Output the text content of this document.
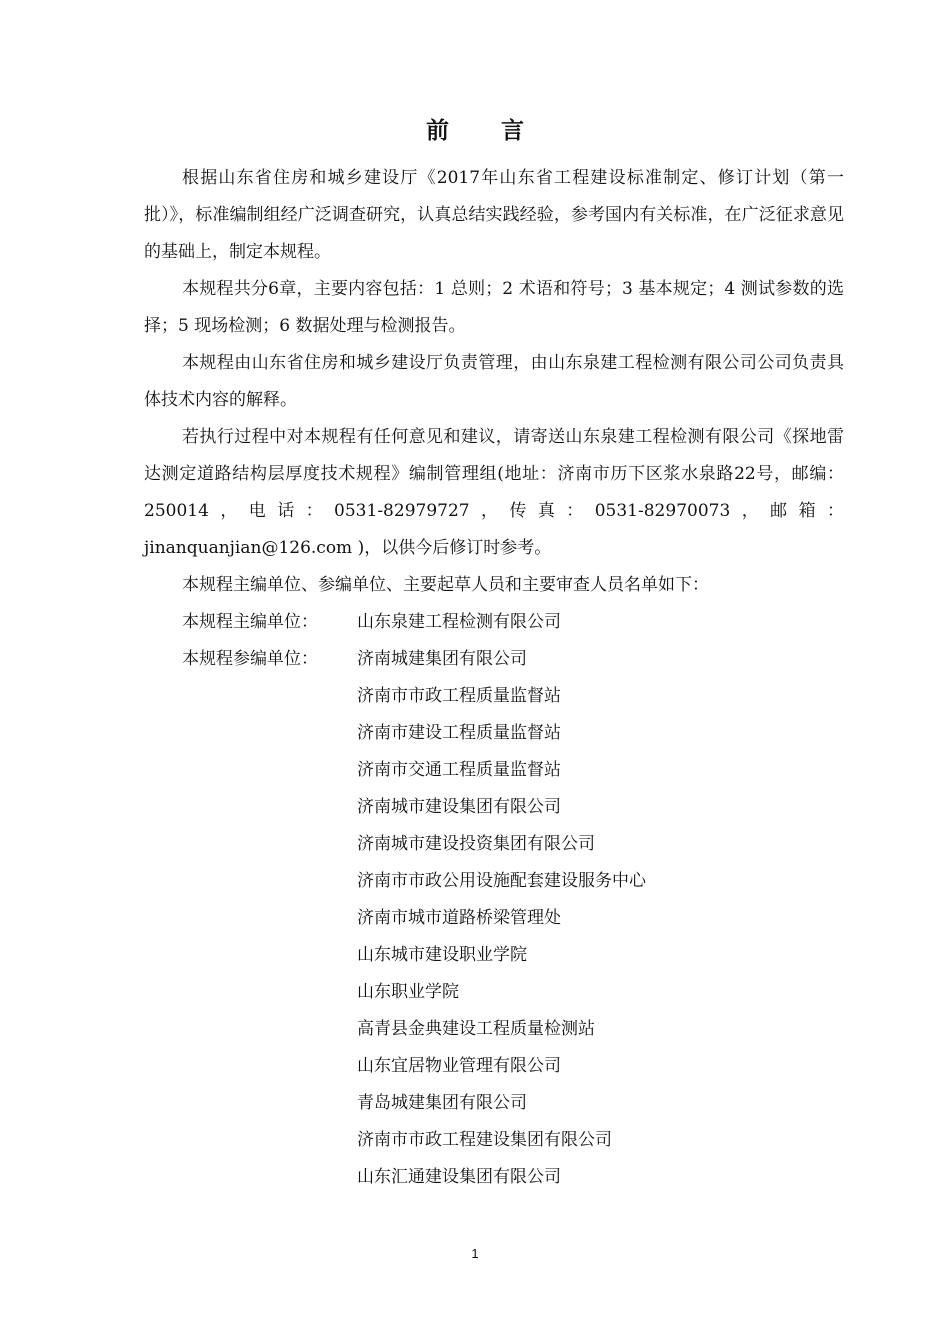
前 言

根据山东省住房和城乡建设厅《2017年山东省工程建设标准制定、修订计划（第一批）》，标准编制组经广泛调查研究，认真总结实践经验，参考国内有关标准，在广泛征求意见的基础上，制定本规程。

本规程共分6章，主要内容包括：1 总则；2 术语和符号；3 基本规定；4 测试参数的选择；5 现场检测；6 数据处理与检测报告。

本规程由山东省住房和城乡建设厅负责管理，由山东泉建工程检测有限公司公司负责具体技术内容的解释。

若执行过程中对本规程有任何意见和建议，请寄送山东泉建工程检测有限公司《探地雷达测定道路结构层厚度技术规程》编制管理组(地址：济南市历下区浆水泉路22号，邮编：250014，电话：0531-82979727，传真：0531-82970073，邮箱：jinanquanjian@126.com )，以供今后修订时参考。

本规程主编单位、参编单位、主要起草人员和主要审查人员名单如下：

本规程主编单位：	山东泉建工程检测有限公司
本规程参编单位：	济南城建集团有限公司
济南市市政工程质量监督站
济南市建设工程质量监督站
济南市交通工程质量监督站
济南城市建设集团有限公司
济南城市建设投资集团有限公司
济南市市政公用设施配套建设服务中心
济南市城市道路桥梁管理处
山东城市建设职业学院
山东职业学院
高青县金典建设工程质量检测站
山东宜居物业管理有限公司
青岛城建集团有限公司
济南市市政工程建设集团有限公司
山东汇通建设集团有限公司
1
